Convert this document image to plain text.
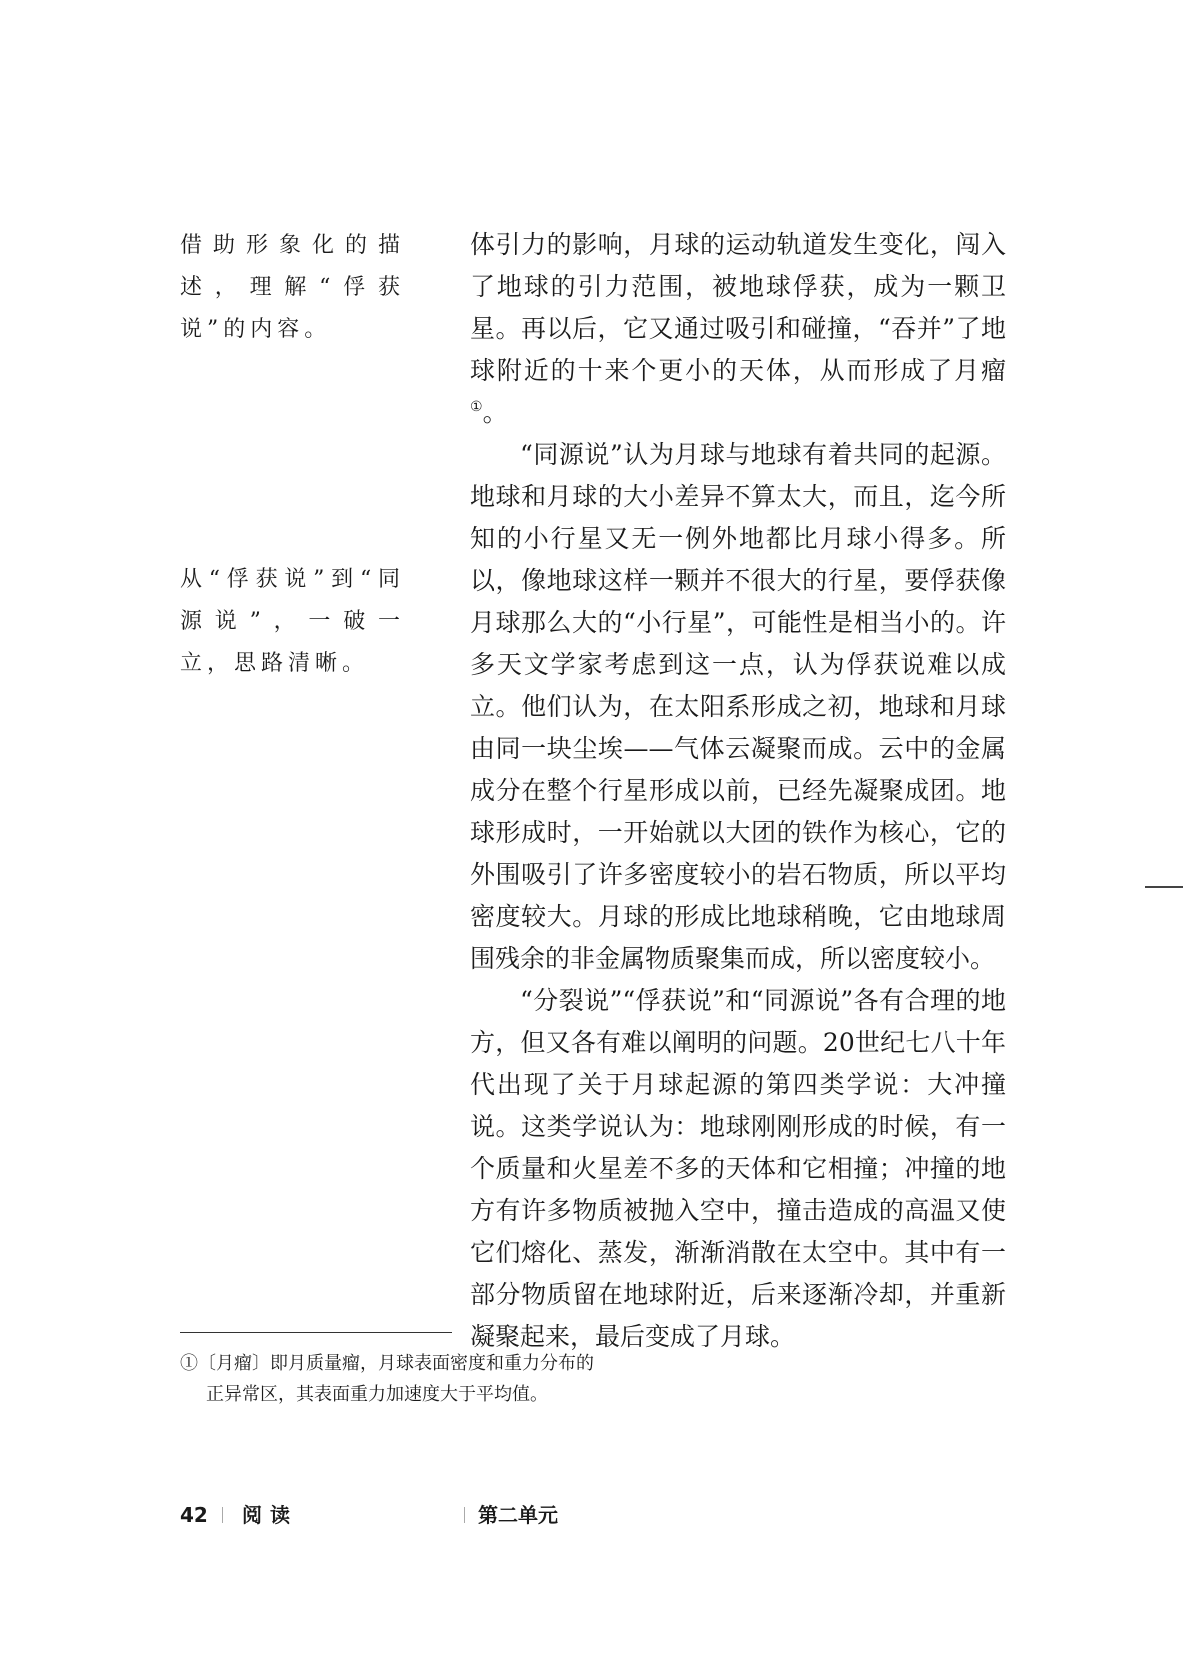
借助形象化的描述，理解“俘获说”的内容。
从“俘获说”到“同源说”，一破一立，思路清晰。

体引力的影响，月球的运动轨道发生变化，闯入了地球的引力范围，被地球俘获，成为一颗卫星。再以后，它又通过吸引和碰撞，“吞并”了地球附近的十来个更小的天体，从而形成了月瘤①。

“同源说”认为月球与地球有着共同的起源。地球和月球的大小差异不算太大，而且，迄今所知的小行星又无一例外地都比月球小得多。所以，像地球这样一颗并不很大的行星，要俘获像月球那么大的“小行星”，可能性是相当小的。许多天文学家考虑到这一点，认为俘获说难以成立。他们认为，在太阳系形成之初，地球和月球由同一块尘埃——气体云凝聚而成。云中的金属成分在整个行星形成以前，已经先凝聚成团。地球形成时，一开始就以大团的铁作为核心，它的外围吸引了许多密度较小的岩石物质，所以平均密度较大。月球的形成比地球稍晚，它由地球周围残余的非金属物质聚集而成，所以密度较小。

“分裂说”“俘获说”和“同源说”各有合理的地方，但又各有难以阐明的问题。20世纪七八十年代出现了关于月球起源的第四类学说：大冲撞说。这类学说认为：地球刚刚形成的时候，有一个质量和火星差不多的天体和它相撞；冲撞的地方有许多物质被抛入空中，撞击造成的高温又使它们熔化、蒸发，渐渐消散在太空中。其中有一部分物质留在地球附近，后来逐渐冷却，并重新凝聚起来，最后变成了月球。

①〔月瘤〕即月质量瘤，月球表面密度和重力分布的正异常区，其表面重力加速度大于平均值。
42 阅读	第二单元
